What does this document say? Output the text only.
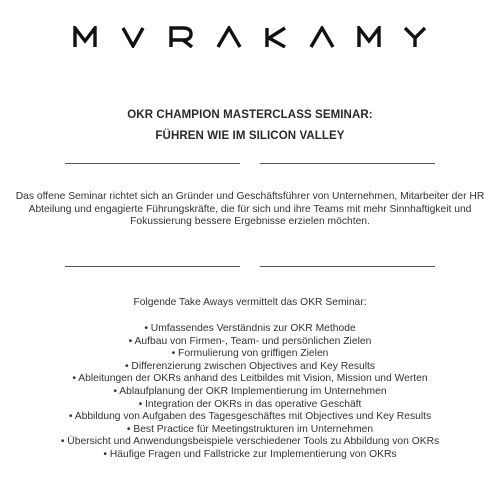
OKR CHAMPION MASTERCLASS SEMINAR:
FÜHREN WIE IM SILICON VALLEY

Das offene Seminar richtet sich an Gründer und Geschäftsführer von Unternehmen, Mitarbeiter der HR Abteilung und engagierte Führungskräfte, die für sich und ihre Teams mit mehr Sinnhaftigkeit und Fokussierung bessere Ergebnisse erzielen möchten.

Folgende Take Aways vermittelt das OKR Seminar:

• Umfassendes Verständnis zur OKR Methode
• Aufbau von Firmen-, Team- und persönlichen Zielen
• Formulierung von griffigen Zielen
• Differenzierung zwischen Objectives and Key Results
• Ableitungen der OKRs anhand des Leitbildes mit Vision, Mission und Werten
• Ablaufplanung der OKR Implementierung im Unternehmen
• Integration der OKRs in das operative Geschäft
• Abbildung von Aufgaben des Tagesgeschäftes mit Objectives und Key Results
• Best Practice für Meetingstrukturen im Unternehmen
• Übersicht und Anwendungsbeispiele verschiedener Tools zu Abbildung von OKRs
• Häufige Fragen und Fallstricke zur Implementierung von OKRs
